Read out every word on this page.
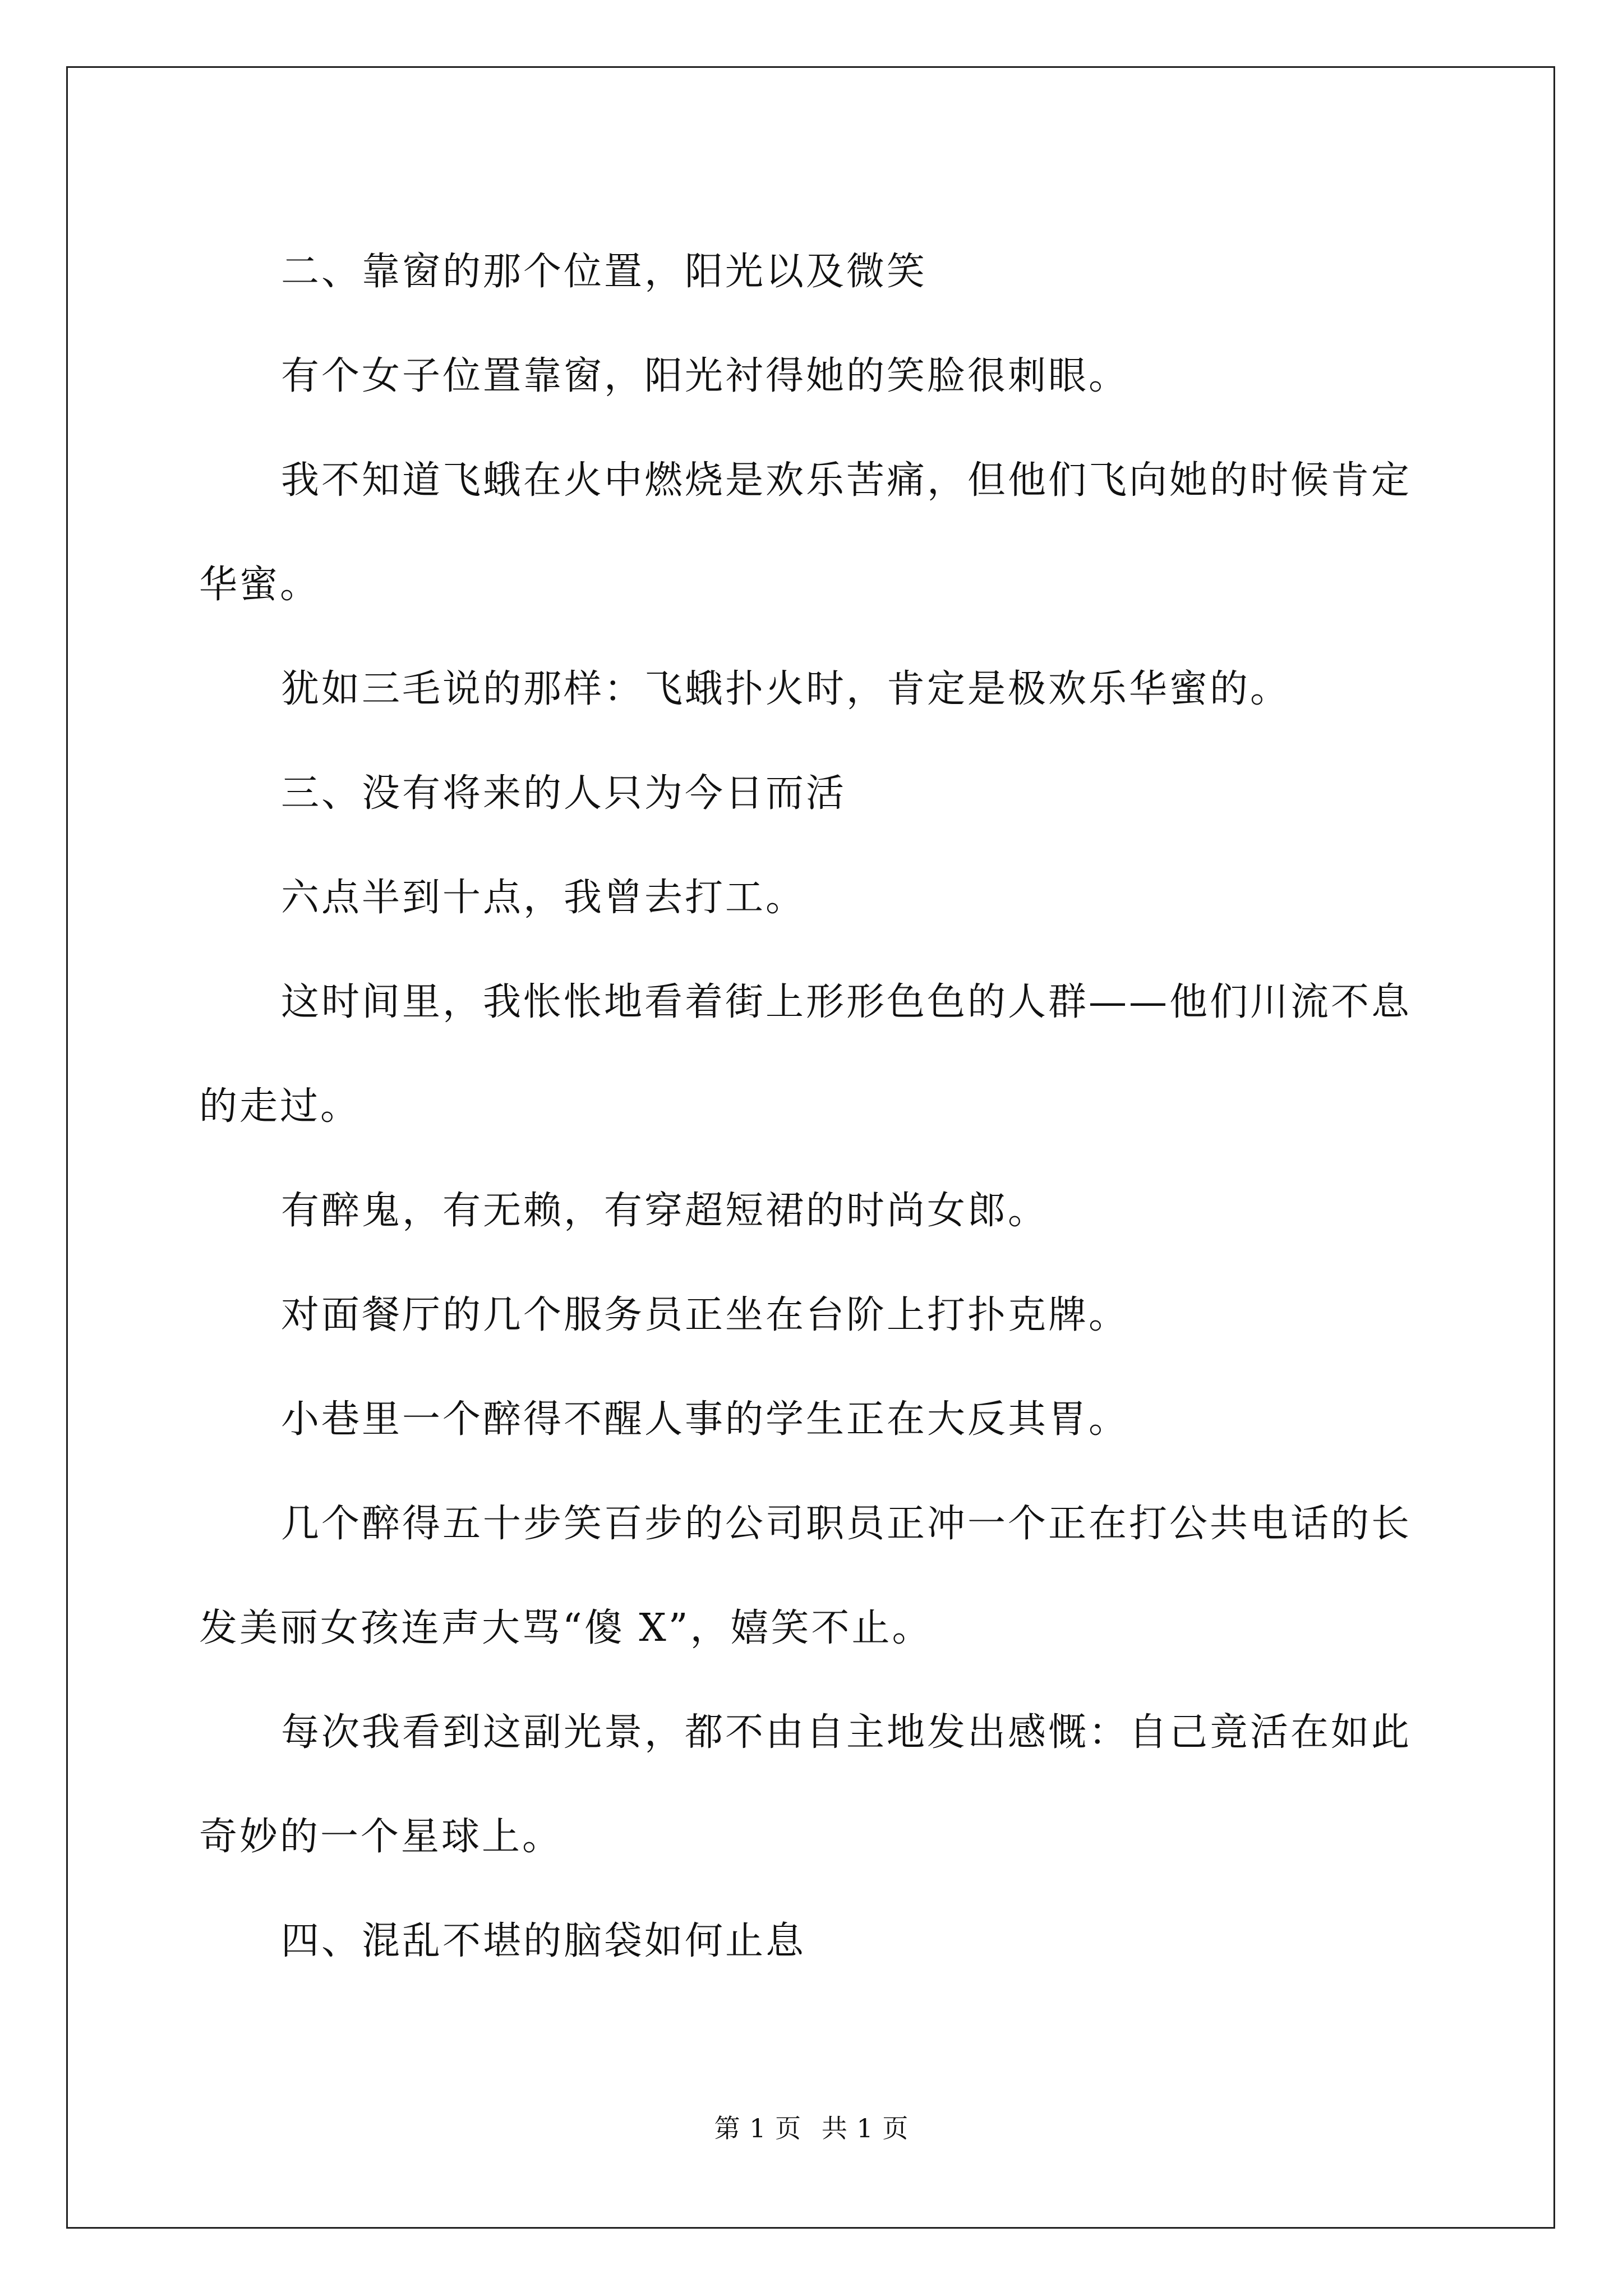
二、靠窗的那个位置，阳光以及微笑

有个女子位置靠窗，阳光衬得她的笑脸很刺眼。

我不知道飞蛾在火中燃烧是欢乐苦痛，但他们飞向她的时候肯定华蜜。

犹如三毛说的那样：飞蛾扑火时，肯定是极欢乐华蜜的。

三、没有将来的人只为今日而活

六点半到十点，我曾去打工。

这时间里，我怅怅地看着街上形形色色的人群——他们川流不息的走过。

有醉鬼，有无赖，有穿超短裙的时尚女郎。

对面餐厅的几个服务员正坐在台阶上打扑克牌。

小巷里一个醉得不醒人事的学生正在大反其胃。

几个醉得五十步笑百步的公司职员正冲一个正在打公共电话的长发美丽女孩连声大骂“傻 X”，嬉笑不止。

每次我看到这副光景，都不由自主地发出感慨：自己竟活在如此奇妙的一个星球上。

四、混乱不堪的脑袋如何止息

第 1 页 共 1 页
